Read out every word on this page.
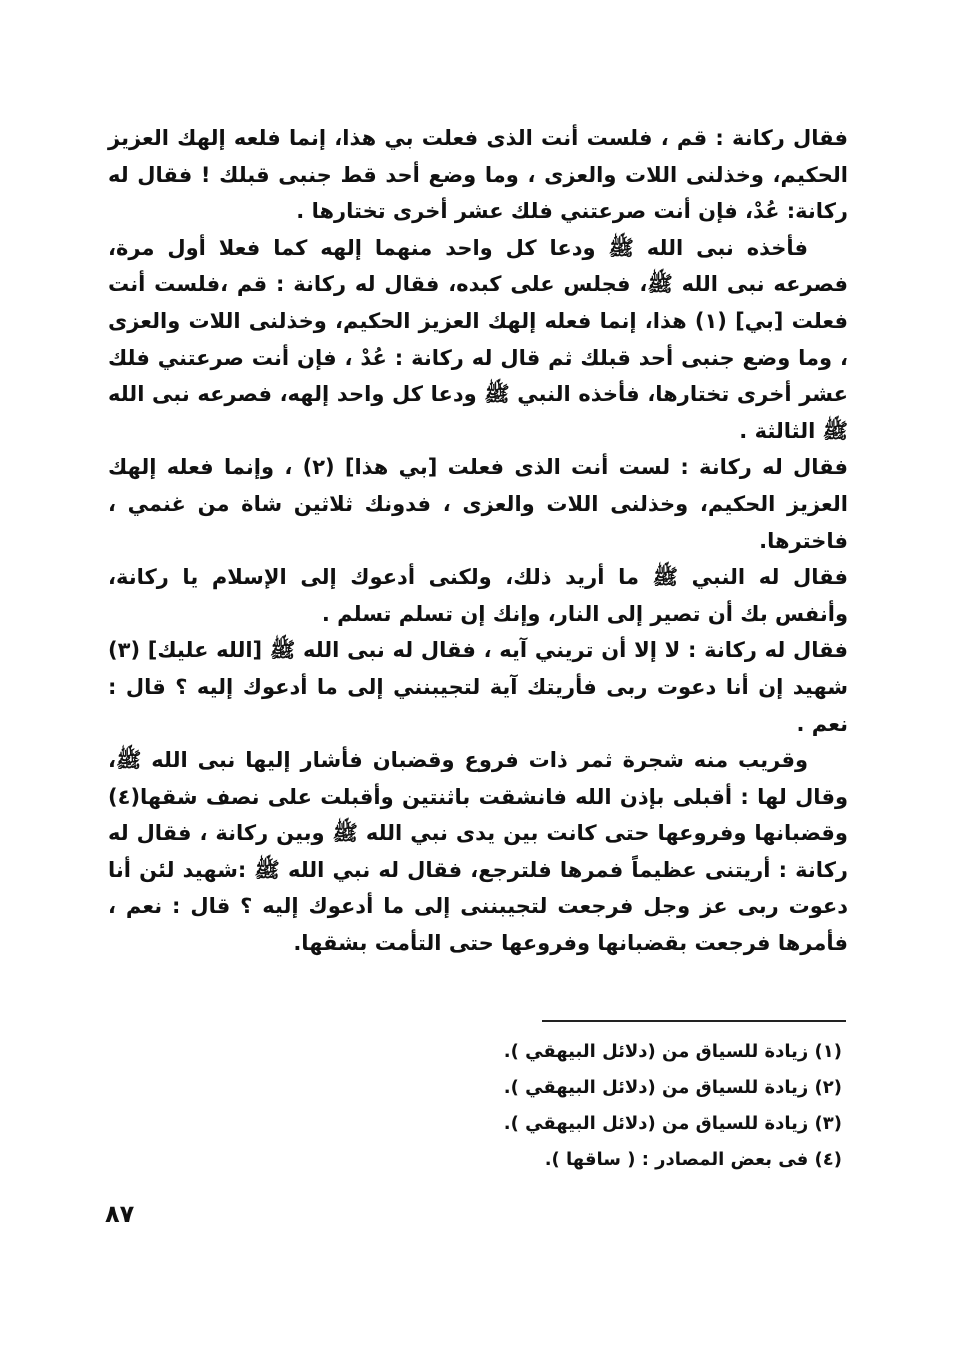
فقال ركانة : قم ، فلست أنت الذى فعلت بي هذا، إنما فلعه إلهك العزيز الحكيم، وخذلنى اللات والعزى ، وما وضع أحد قط جنبى قبلك ! فقال له ركانة: عُدْ، فإن أنت صرعتني فلك عشر أخرى تختارها .

فأخذه نبى الله ﷺ ودعا كل واحد منهما إلهه كما فعلا أول مرة، فصرعه نبى الله ﷺ، فجلس على كبده، فقال له ركانة : قم ،فلست أنت فعلت [بي] (١) هذا، إنما فعله إلهك العزيز الحكيم، وخذلنى اللات والعزى ، وما وضع جنبى أحد قبلك ثم قال له ركانة : عُدْ ، فإن أنت صرعتني فلك عشر أخرى تختارها، فأخذه النبي ﷺ ودعا كل واحد إلهه، فصرعه نبى الله ﷺ الثالثة .

فقال له ركانة : لست أنت الذى فعلت [بي هذا] (٢) ، وإنما فعله إلهك العزيز الحكيم، وخذلنى اللات والعزى ، فدونك ثلاثين شاة من غنمي ، فاخترها.

فقال له النبي ﷺ ما أريد ذلك، ولكنى أدعوك إلى الإسلام يا ركانة، وأنفس بك أن تصير إلى النار، وإنك إن تسلم تسلم .

فقال له ركانة : لا إلا أن تريني آيه ، فقال له نبى الله ﷺ [الله عليك] (٣) شهيد إن أنا دعوت ربى فأريتك آية لتجيبنني إلى ما أدعوك إليه ؟ قال : نعم .

وقريب منه شجرة ثمر ذات فروع وقضبان فأشار إليها نبى الله ﷺ، وقال لها : أقبلى بإذن الله فانشقت باثنتين وأقبلت على نصف شقها(٤) وقضبانها وفروعها حتى كانت بين يدى نبي الله ﷺ وبين ركانة ، فقال له ركانة : أريتنى عظيماً فمرها فلترجع، فقال له نبي الله ﷺ :شهيد لئن أنا دعوت ربى عز وجل فرجعت لتجيبننى إلى ما أدعوك إليه ؟ قال : نعم ، فأمرها فرجعت بقضبانها وفروعها حتى التأمت بشقها.

(١) زيادة للسياق من (دلائل البيهقي ).

(٢) زيادة للسياق من (دلائل البيهقي ).

(٣) زيادة للسياق من (دلائل البيهقي ).

(٤) فى بعض المصادر : ( ساقها ).

٨٧
